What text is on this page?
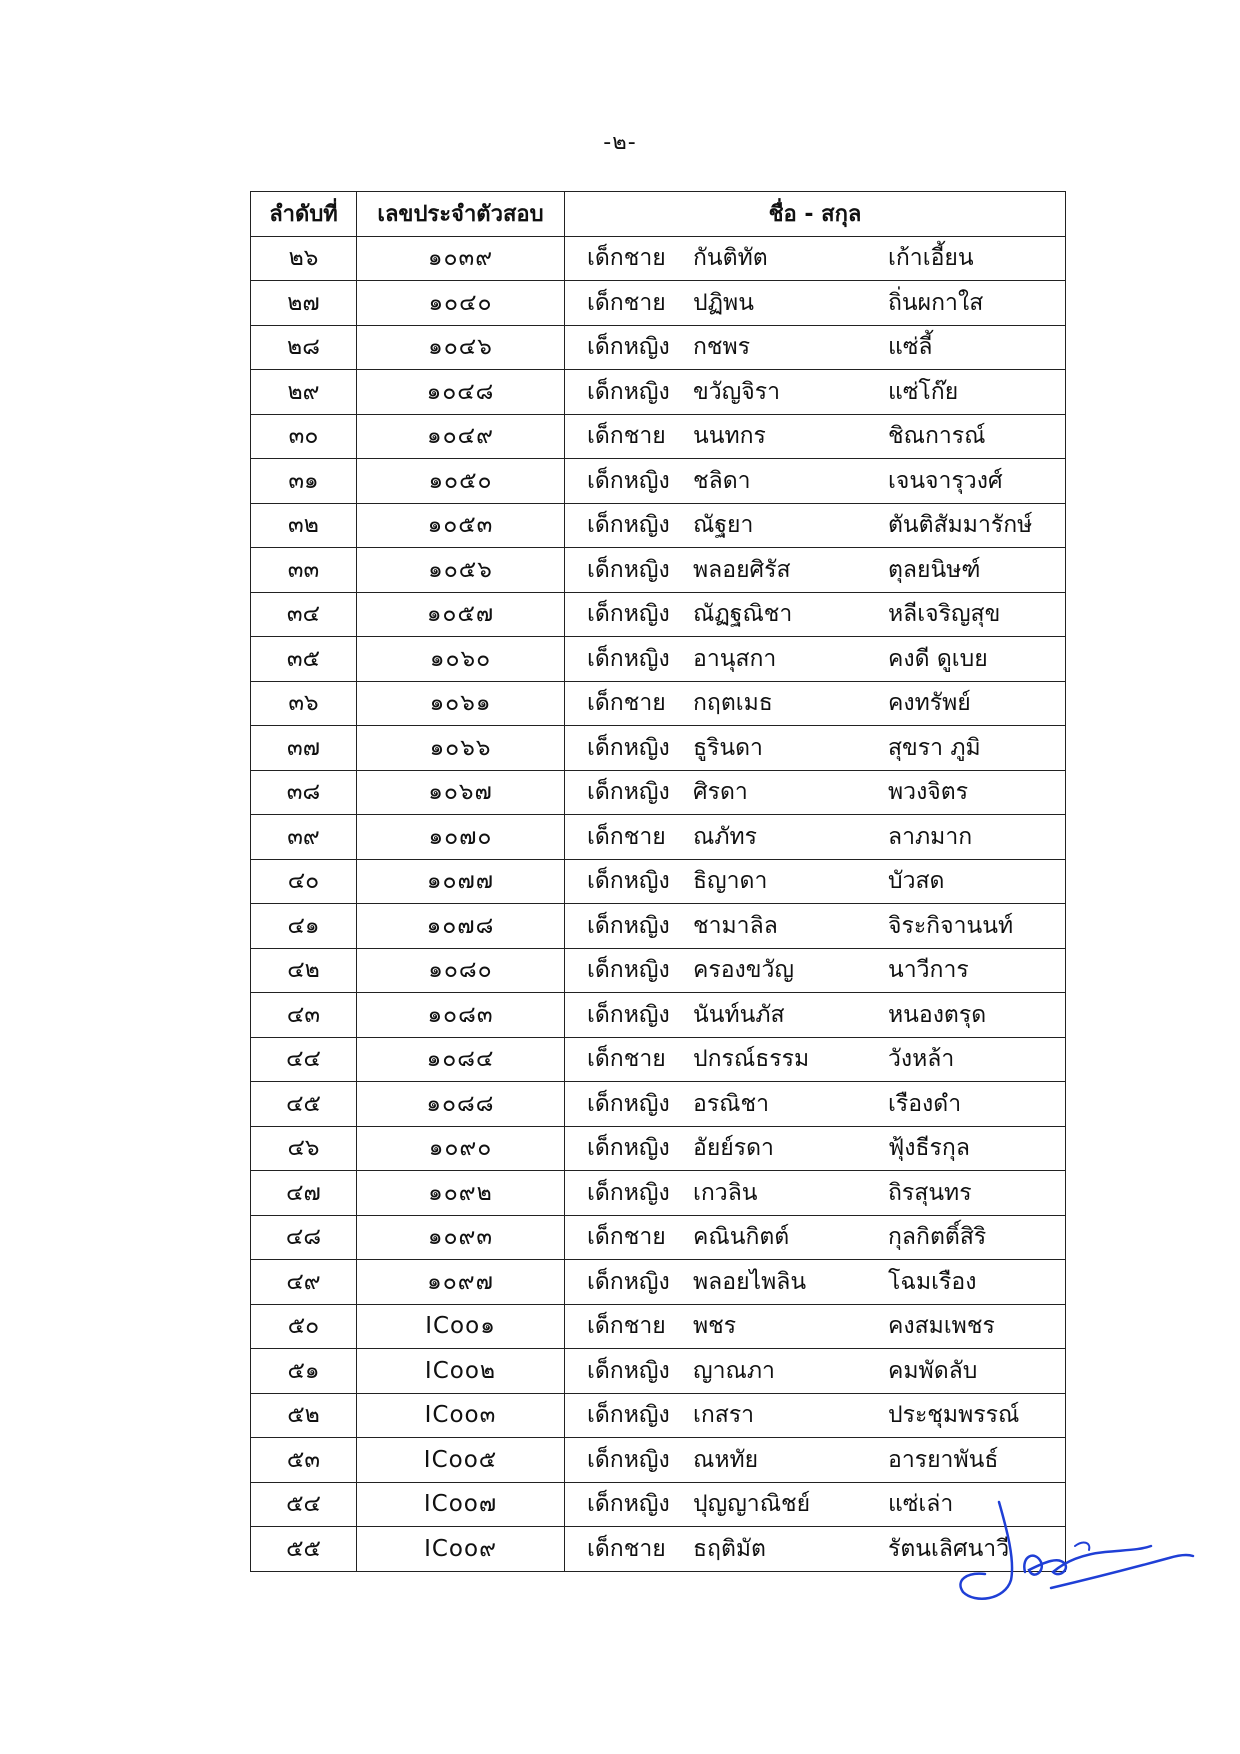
-๒-
ลำดับที่	เลขประจำตัวสอบ	ชื่อ - สกุล
๒๖	๑๐๓๙	เด็กชาย กันติทัต เก้าเอี้ยน

๒๗	๑๐๔๐	เด็กชาย ปฏิพน ถิ่นผกาใส

๒๘	๑๐๔๖	เด็กหญิง กชพร แซ่ลี้

๒๙	๑๐๔๘	เด็กหญิง ขวัญจิรา แซ่โก๊ย

๓๐	๑๐๔๙	เด็กชาย นนทกร ชิณการณ์

๓๑	๑๐๕๐	เด็กหญิง ชลิดา เจนจารุวงศ์

๓๒	๑๐๕๓	เด็กหญิง ณัฐยา ตันติสัมมารักษ์

๓๓	๑๐๕๖	เด็กหญิง พลอยศิรัส ตุลยนิษฑ์

๓๔	๑๐๕๗	เด็กหญิง ณัฏฐณิชา หลีเจริญสุข

๓๕	๑๐๖๐	เด็กหญิง อานุสกา คงดี ดูเบย

๓๖	๑๐๖๑	เด็กชาย กฤตเมธ คงทรัพย์

๓๗	๑๐๖๖	เด็กหญิง ธูรินดา สุขรา ภูมิ

๓๘	๑๐๖๗	เด็กหญิง ศิรดา พวงจิตร

๓๙	๑๐๗๐	เด็กชาย ณภัทร ลาภมาก

๔๐	๑๐๗๗	เด็กหญิง ธิญาดา บัวสด

๔๑	๑๐๗๘	เด็กหญิง ชามาลิล จิระกิจานนท์

๔๒	๑๐๘๐	เด็กหญิง ครองขวัญ นาวีการ

๔๓	๑๐๘๓	เด็กหญิง นันท์นภัส หนองตรุด

๔๔	๑๐๘๔	เด็กชาย ปกรณ์ธรรม วังหล้า

๔๕	๑๐๘๘	เด็กหญิง อรณิชา เรืองดำ

๔๖	๑๐๙๐	เด็กหญิง อัยย์รดา ฟุ้งธีรกุล

๔๗	๑๐๙๒	เด็กหญิง เกวลิน ถิรสุนทร

๔๘	๑๐๙๓	เด็กชาย คณินกิตต์ กุลกิตติ์สิริ

๔๙	๑๐๙๗	เด็กหญิง พลอยไพลิน โฉมเรือง

๕๐	ICoo๑	เด็กชาย พชร คงสมเพชร

๕๑	ICoo๒	เด็กหญิง ญาณภา คมพัดลับ

๕๒	ICoo๓	เด็กหญิง เกสรา ประชุมพรรณ์

๕๓	ICoo๕	เด็กหญิง ณหทัย อารยาพันธ์

๕๔	ICoo๗	เด็กหญิง ปุญญาณิชย์ แซ่เล่า

๕๕	ICoo๙	เด็กชาย ธฤติมัต รัตนเลิศนาวี
